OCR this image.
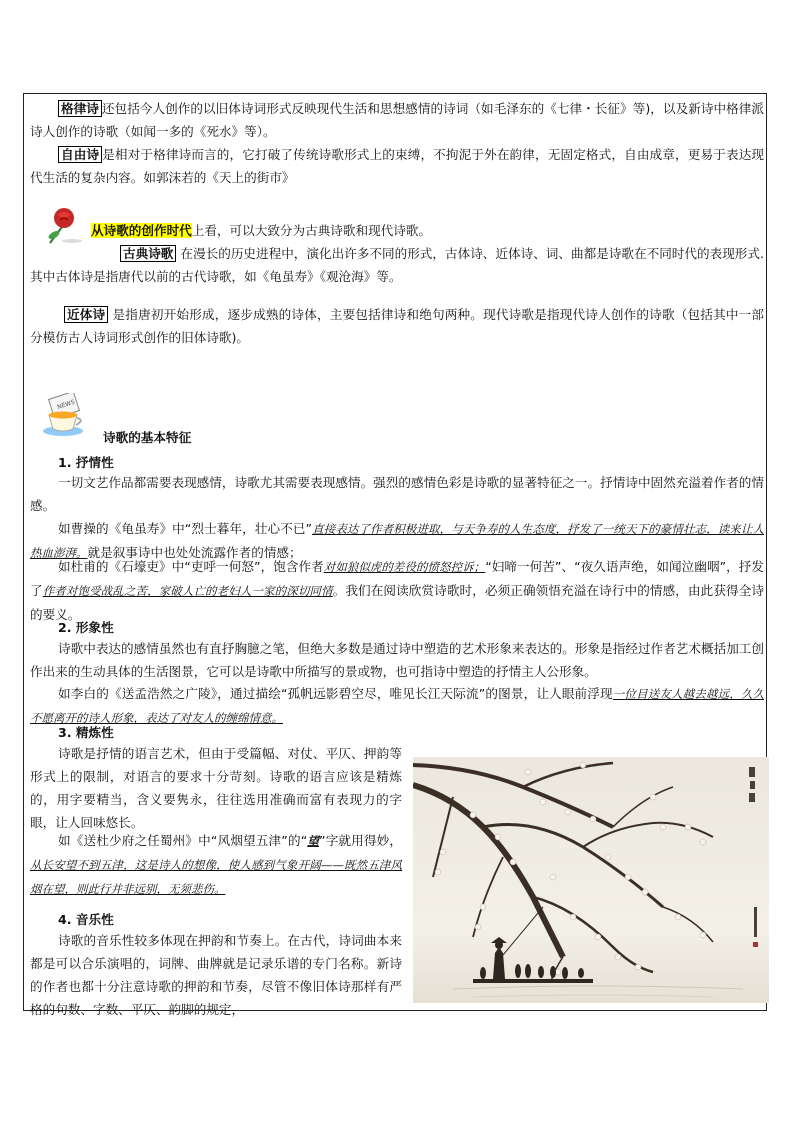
格律诗 还包括今人创作的以旧体诗词形式反映现代生活和思想感情的诗词（如毛泽东的《七律・长征》等)，以及新诗中格律派诗人创作的诗歌（如闻一多的《死水》等）。

自由诗 是相对于格律诗而言的，它打破了传统诗歌形式上的束缚，不拘泥于外在韵律，无固定格式，自由成章，更易于表达现代生活的复杂内容。如郭沫若的《天上的街市》

从诗歌的创作时代上看，可以大致分为古典诗歌和现代诗歌。

古典诗歌 在漫长的历史进程中，演化出许多不同的形式，古体诗、近体诗、词、曲都是诗歌在不同时代的表现形式.其中古体诗是指唐代以前的古代诗歌，如《龟虽寿》《观沧海》等。

近体诗 是指唐初开始形成，逐步成熟的诗体，主要包括律诗和绝句两种。现代诗歌是指现代诗人创作的诗歌（包括其中一部分模仿古人诗词形式创作的旧体诗歌)。

NEWS
诗歌的基本特征
1. 抒情性

一切文艺作品都需要表现感情，诗歌尤其需要表现感情。强烈的感情色彩是诗歌的显著特征之一。抒情诗中固然充溢着作者的情感。

如曹操的《龟虽寿》中“烈士暮年，壮心不已”直接表达了作者积极进取，与天争寿的人生态度，抒发了一统天下的豪情壮志，读来让人热血澎湃。就是叙事诗中也处处流露作者的情感；

如杜甫的《石壕吏》中“吏呼一何怒”，饱含作者对如狼似虎的差役的愤怒控诉；“妇啼一何苦”、“夜久语声绝，如闻泣幽咽”，抒发了作者对饱受战乱之苦，家破人亡的老妇人一家的深切同情。我们在阅读欣赏诗歌时，必须正确领悟充溢在诗行中的情感，由此获得全诗的要义。

2. 形象性

诗歌中表达的感情虽然也有直抒胸臆之笔，但绝大多数是通过诗中塑造的艺术形象来表达的。形象是指经过作者艺术概括加工创作出来的生动具体的生活图景，它可以是诗歌中所描写的景或物，也可指诗中塑造的抒情主人公形象。

如李白的《送孟浩然之广陵》，通过描绘“孤帆远影碧空尽，唯见长江天际流”的图景，让人眼前浮现一位目送友人越去越远，久久不愿离开的诗人形象，表达了对友人的缠绵情意。

3. 精炼性

诗歌是抒情的语言艺术，但由于受篇幅、对仗、平仄、押韵等形式上的限制，对语言的要求十分苛刻。诗歌的语言应该是精炼的，用字要精当，含义要隽永，往往选用准确而富有表现力的字眼，让人回味悠长。

如《送杜少府之任蜀州》中“风烟望五津”的“望”字就用得妙，从长安望不到五津，这是诗人的想像，使人感到气象开阔——既然五津风烟在望，则此行并非远别，无须悲伤。

4. 音乐性

诗歌的音乐性较多体现在押韵和节奏上。在古代，诗词曲本来都是可以合乐演唱的，词牌、曲牌就是记录乐谱的专门名称。新诗的作者也都十分注意诗歌的押韵和节奏，尽管不像旧体诗那样有严格的句数、字数、平仄、韵脚的规定，
